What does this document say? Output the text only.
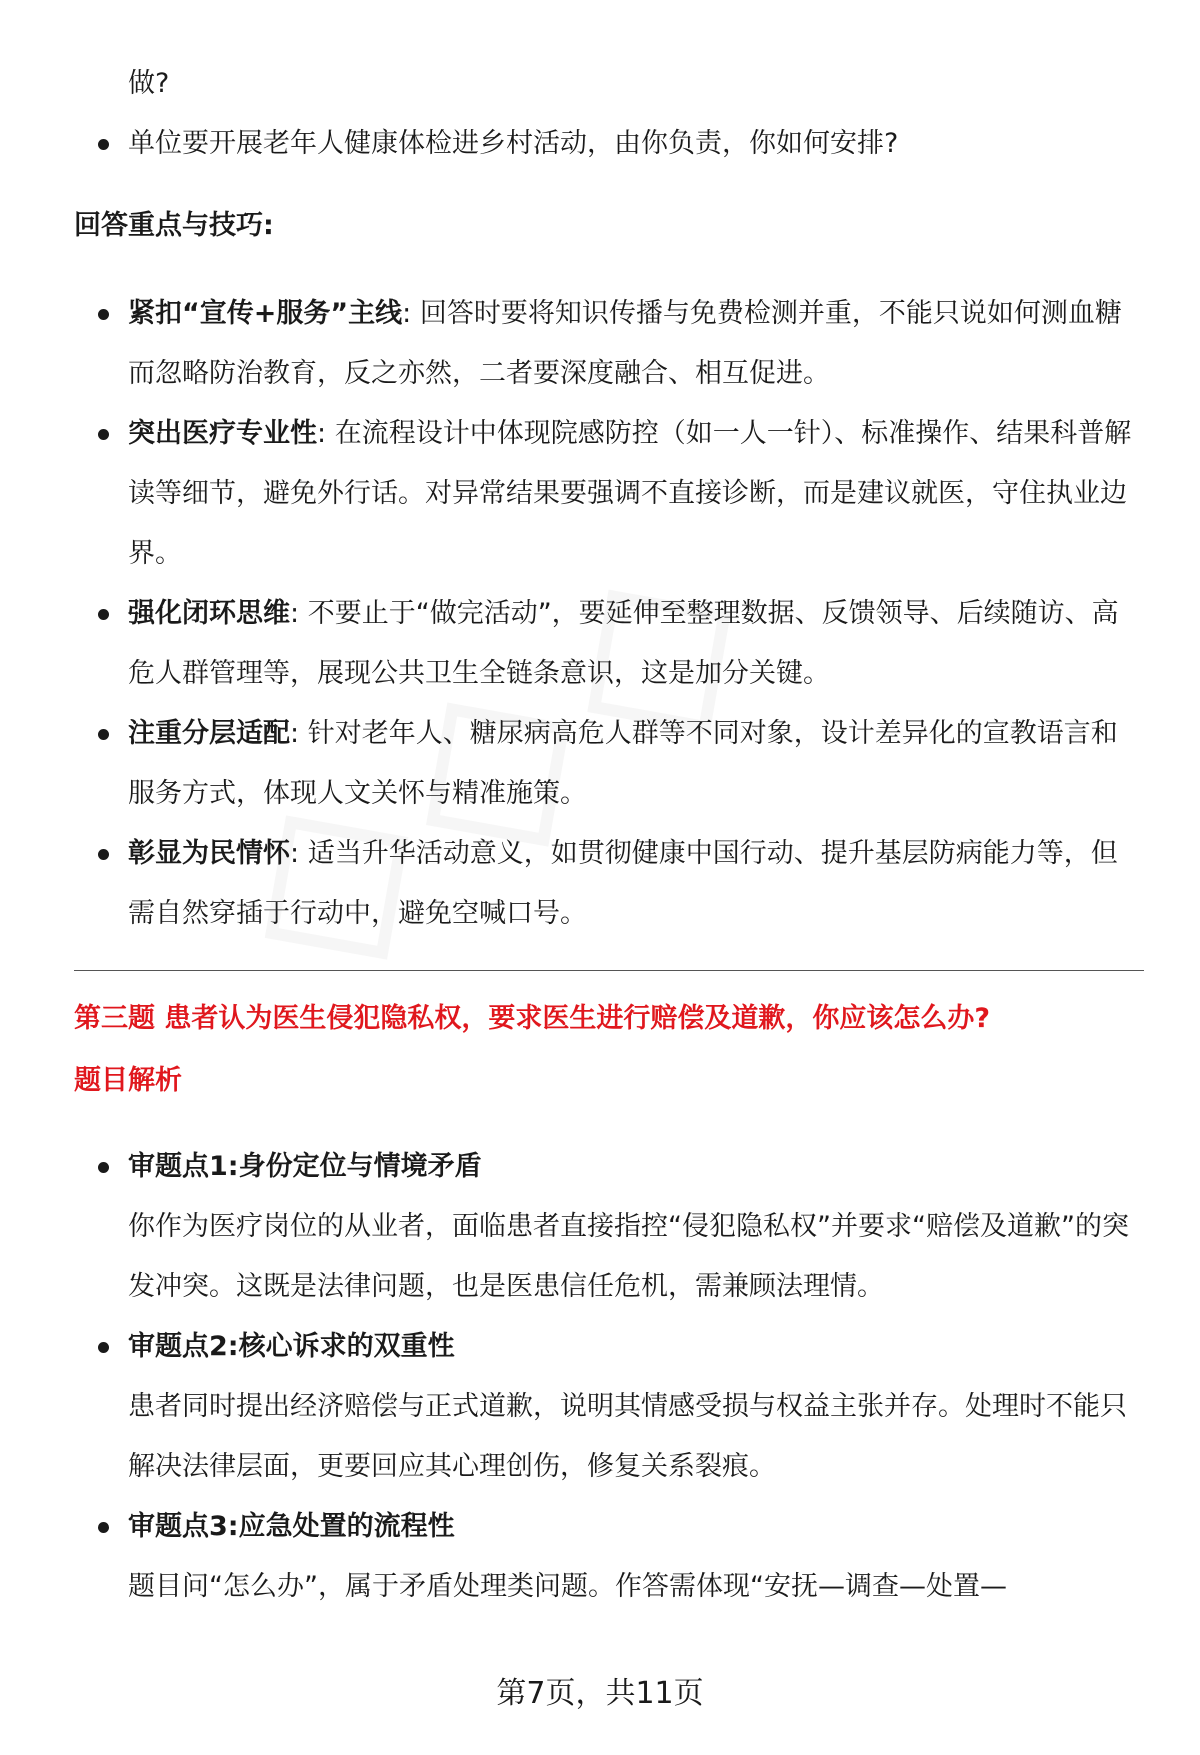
做?

单位要开展老年人健康体检进乡村活动，由你负责，你如何安排?

回答重点与技巧:

紧扣“宣传+服务”主线: 回答时要将知识传播与免费检测并重，不能只说如何测血糖而忽略防治教育，反之亦然，二者要深度融合、相互促进。
突出医疗专业性: 在流程设计中体现院感防控（如一人一针）、标准操作、结果科普解读等细节，避免外行话。对异常结果要强调不直接诊断，而是建议就医，守住执业边界。
强化闭环思维: 不要止于“做完活动”，要延伸至整理数据、反馈领导、后续随访、高危人群管理等，展现公共卫生全链条意识，这是加分关键。
注重分层适配: 针对老年人、糖尿病高危人群等不同对象，设计差异化的宣教语言和服务方式，体现人文关怀与精准施策。
彰显为民情怀: 适当升华活动意义，如贯彻健康中国行动、提升基层防病能力等，但需自然穿插于行动中，避免空喊口号。

第三题 患者认为医生侵犯隐私权，要求医生进行赔偿及道歉，你应该怎么办?

题目解析

审题点1:身份定位与情境矛盾
你作为医疗岗位的从业者，面临患者直接指控“侵犯隐私权”并要求“赔偿及道歉”的突发冲突。这既是法律问题，也是医患信任危机，需兼顾法理情。
审题点2:核心诉求的双重性
患者同时提出经济赔偿与正式道歉，说明其情感受损与权益主张并存。处理时不能只解决法律层面，更要回应其心理创伤，修复关系裂痕。
审题点3:应急处置的流程性
题目问“怎么办”，属于矛盾处理类问题。作答需体现“安抚—调查—处置—
第7页，共11页
